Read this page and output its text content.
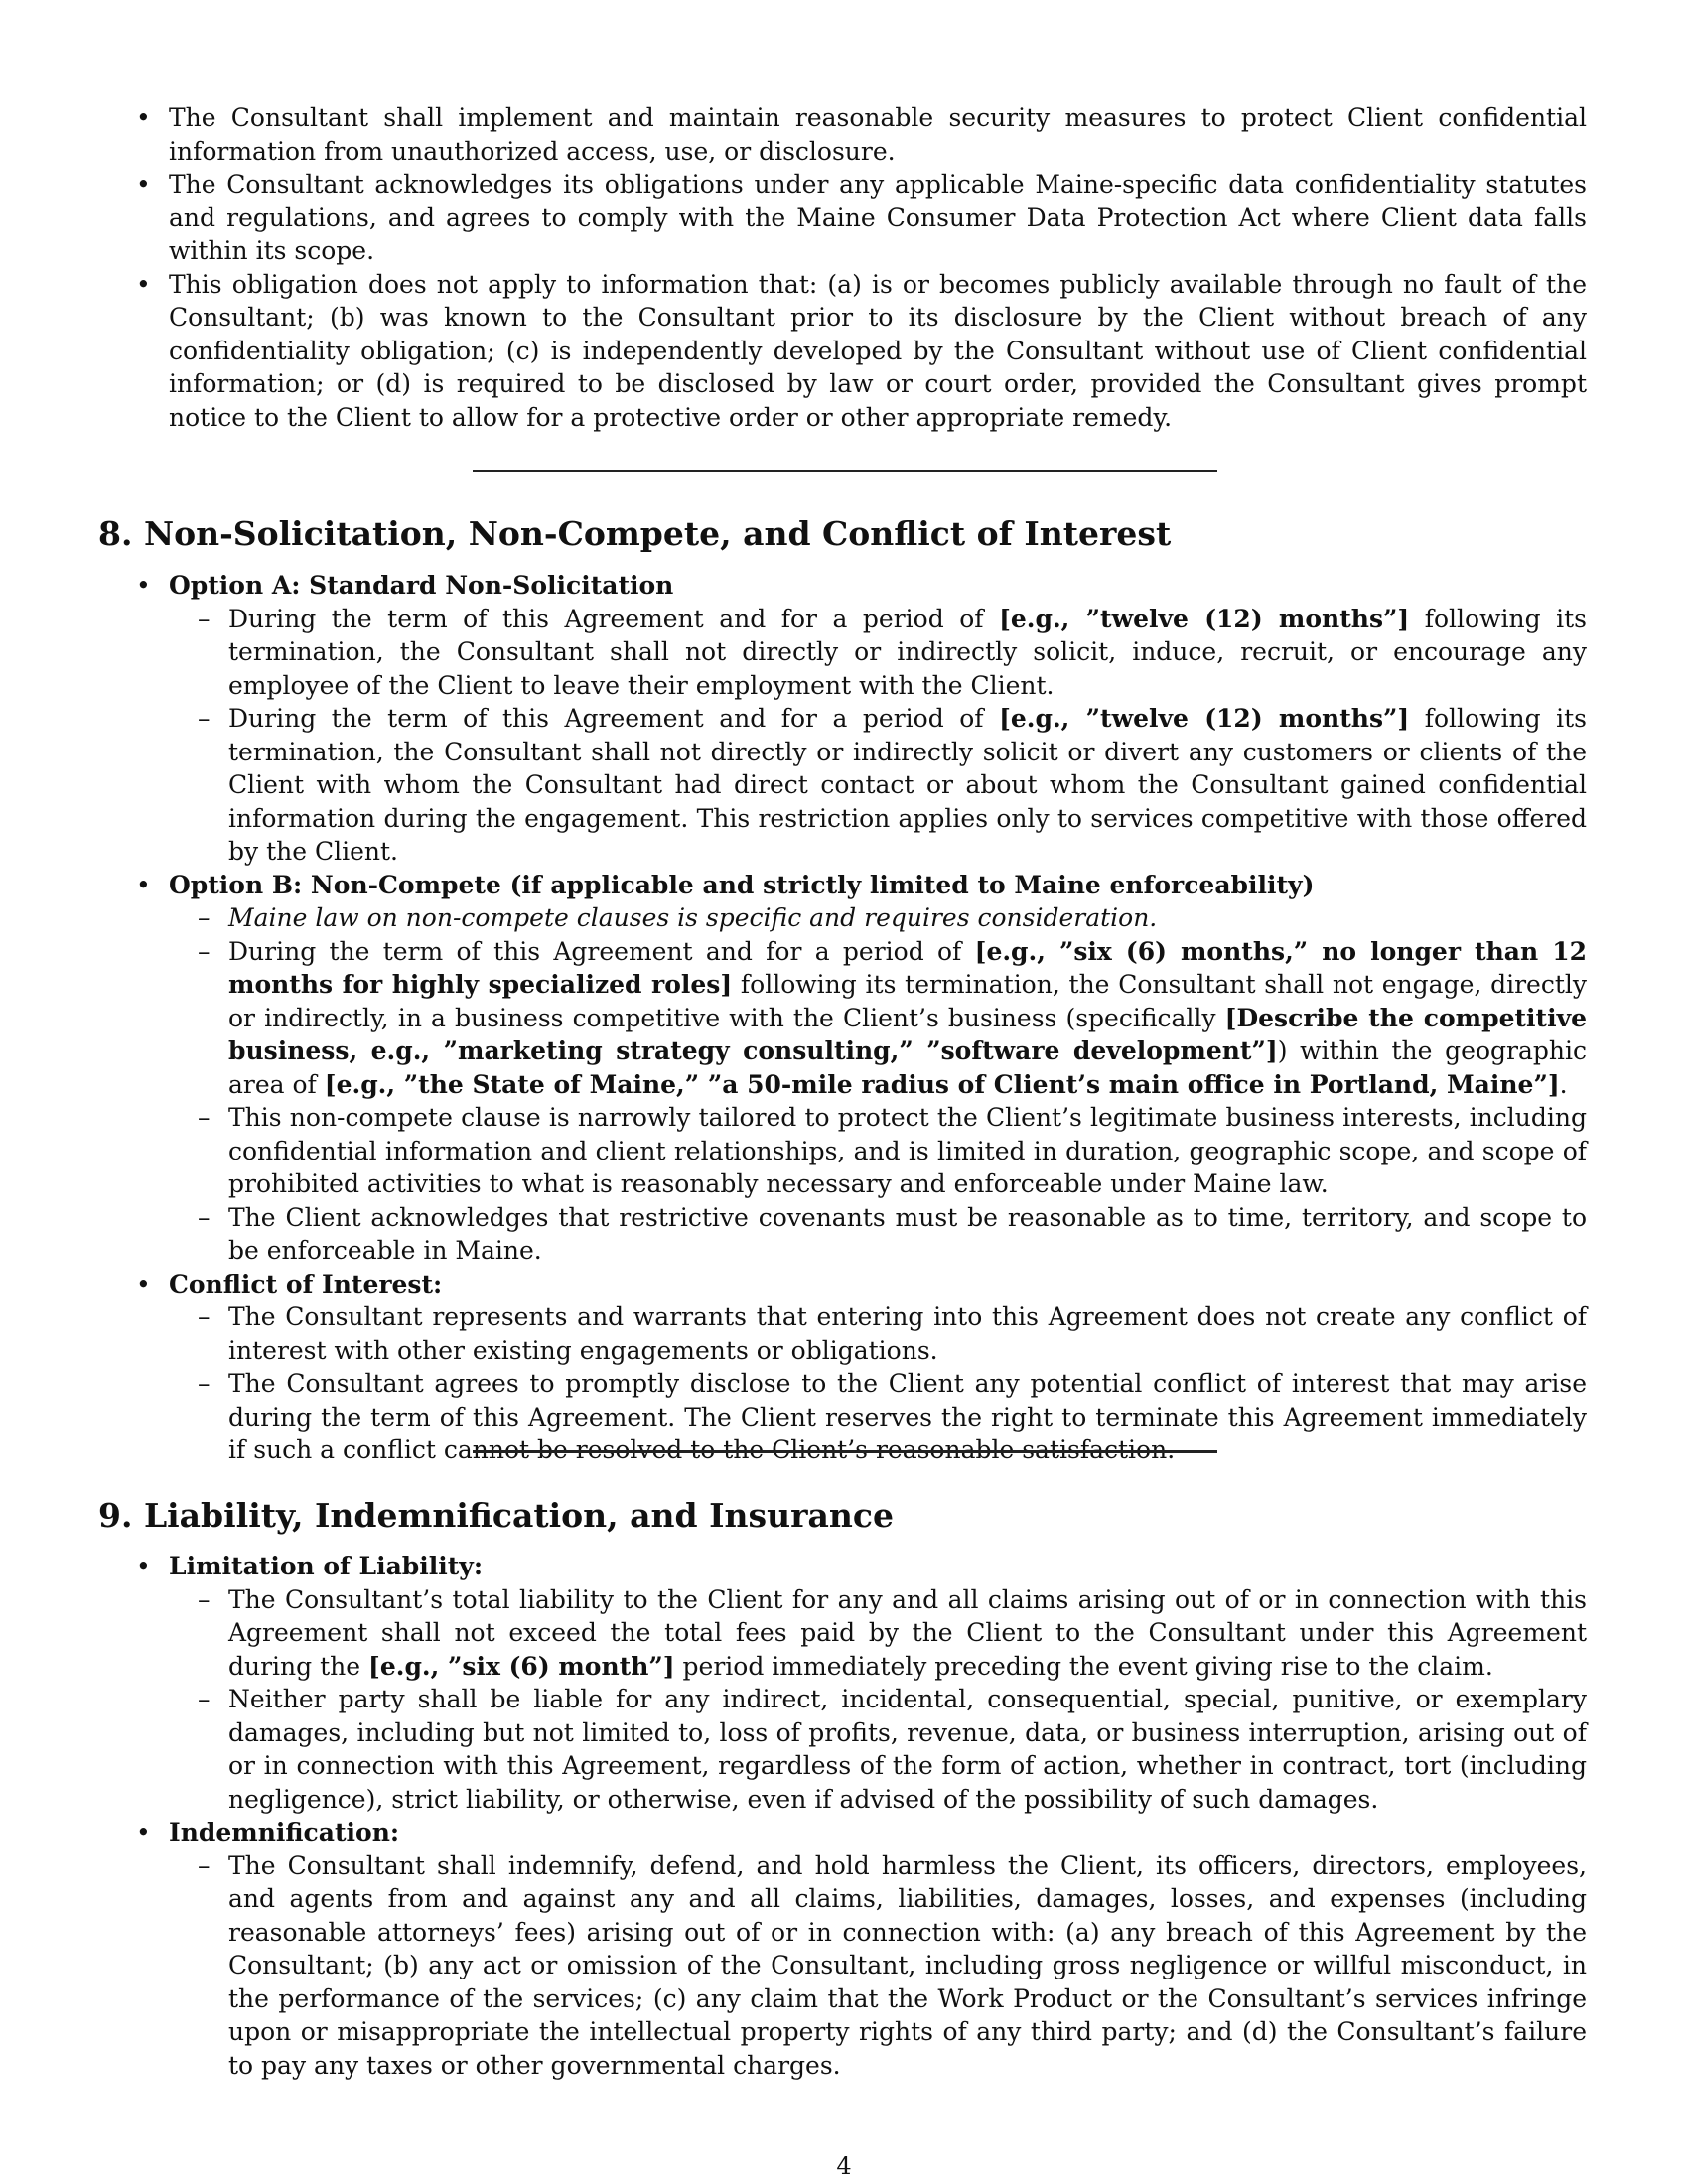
• The Consultant shall implement and maintain reasonable security measures to protect Client confidential information from unauthorized access, use, or disclosure.
• The Consultant acknowledges its obligations under any applicable Maine-specific data confidentiality statutes and regulations, and agrees to comply with the Maine Consumer Data Protection Act where Client data falls within its scope.
• This obligation does not apply to information that: (a) is or becomes publicly available through no fault of the Consultant; (b) was known to the Consultant prior to its disclosure by the Client without breach of any confidentiality obligation; (c) is independently developed by the Consultant without use of Client confidential information; or (d) is required to be disclosed by law or court order, provided the Consultant gives prompt notice to the Client to allow for a protective order or other appropriate remedy.
8. Non-Solicitation, Non-Compete, and Conflict of Interest
• Option A: Standard Non-Solicitation
– During the term of this Agreement and for a period of [e.g., ”twelve (12) months”] following its termination, the Consultant shall not directly or indirectly solicit, induce, recruit, or encourage any employee of the Client to leave their employment with the Client.
– During the term of this Agreement and for a period of [e.g., ”twelve (12) months”] following its termination, the Consultant shall not directly or indirectly solicit or divert any customers or clients of the Client with whom the Consultant had direct contact or about whom the Consultant gained confidential information during the engagement. This restriction applies only to services competitive with those offered by the Client.
• Option B: Non-Compete (if applicable and strictly limited to Maine enforceability)
– Maine law on non-compete clauses is specific and requires consideration.
– During the term of this Agreement and for a period of [e.g., ”six (6) months,” no longer than 12 months for highly specialized roles] following its termination, the Consultant shall not engage, directly or indirectly, in a business competitive with the Client’s business (specifically [Describe the competitive business, e.g., ”marketing strategy consulting,” ”software development”]) within the geographic area of [e.g., ”the State of Maine,” ”a 50-mile radius of Client’s main office in Portland, Maine”].
– This non-compete clause is narrowly tailored to protect the Client’s legitimate business interests, including confidential information and client relationships, and is limited in duration, geographic scope, and scope of prohibited activities to what is reasonably necessary and enforceable under Maine law.
– The Client acknowledges that restrictive covenants must be reasonable as to time, territory, and scope to be enforceable in Maine.
• Conflict of Interest:
– The Consultant represents and warrants that entering into this Agreement does not create any conflict of interest with other existing engagements or obligations.
– The Consultant agrees to promptly disclose to the Client any potential conflict of interest that may arise during the term of this Agreement. The Client reserves the right to terminate this Agreement immediately if such a conflict cannot be resolved to the Client’s reasonable satisfaction.
9. Liability, Indemnification, and Insurance
• Limitation of Liability:
– The Consultant’s total liability to the Client for any and all claims arising out of or in connection with this Agreement shall not exceed the total fees paid by the Client to the Consultant under this Agreement during the [e.g., ”six (6) month”] period immediately preceding the event giving rise to the claim.
– Neither party shall be liable for any indirect, incidental, consequential, special, punitive, or exemplary damages, including but not limited to, loss of profits, revenue, data, or business interruption, arising out of or in connection with this Agreement, regardless of the form of action, whether in contract, tort (including negligence), strict liability, or otherwise, even if advised of the possibility of such damages.
• Indemnification:
– The Consultant shall indemnify, defend, and hold harmless the Client, its officers, directors, employees, and agents from and against any and all claims, liabilities, damages, losses, and expenses (including reasonable attorneys’ fees) arising out of or in connection with: (a) any breach of this Agreement by the Consultant; (b) any act or omission of the Consultant, including gross negligence or willful misconduct, in the performance of the services; (c) any claim that the Work Product or the Consultant’s services infringe upon or misappropriate the intellectual property rights of any third party; and (d) the Consultant’s failure to pay any taxes or other governmental charges.
4
